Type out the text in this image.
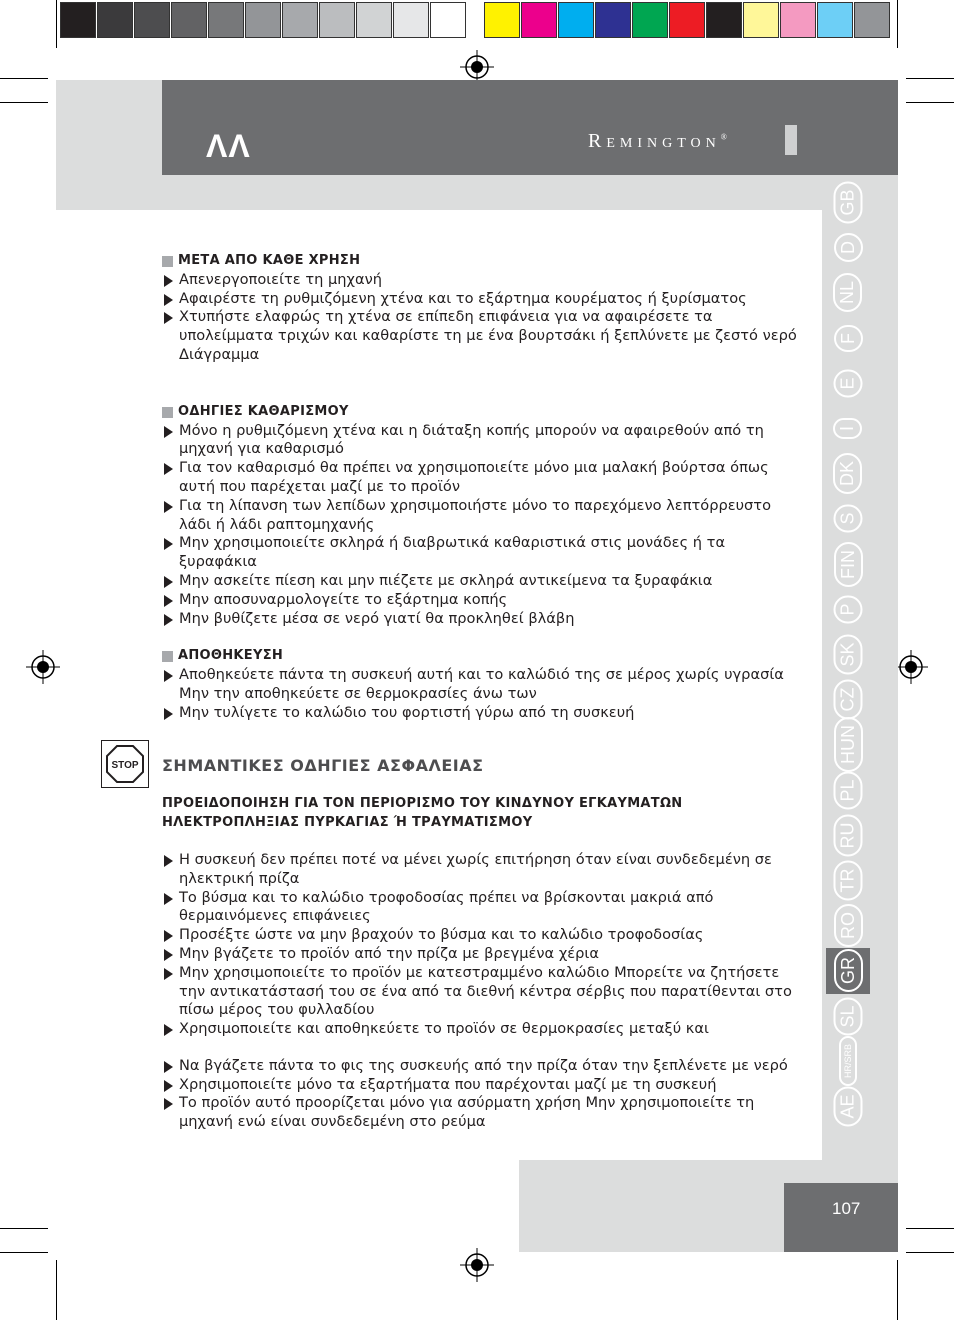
ΛΛ	Remington®
GB
D
NL
F
E
I
DK
S
FIN
P
SK
CZ
HUN
PL
RU
TR
RO
GR
SL
HR/SRB
AE
107
STOP
ΜΕΤΑ ΑΠΟ ΚΑΘΕ ΧΡΗΣΗ
Απενεργοποιείτε τη μηχανή
Αφαιρέστε τη ρυθμιζόμενη χτένα και το εξάρτημα κουρέματος ή ξυρίσματος
Χτυπήστε ελαφρώς τη χτένα σε επίπεδη επιφάνεια για να αφαιρέσετε τα υπολείμματα τριχών και καθαρίστε τη με ένα βουρτσάκι ή ξεπλύνετε με ζεστό νερό Διάγραμμα
ΟΔΗΓΙΕΣ ΚΑΘΑΡΙΣΜΟΥ
Μόνο η ρυθμιζόμενη χτένα και η διάταξη κοπής μπορούν να αφαιρεθούν από τη μηχανή για καθαρισμό
Για τον καθαρισμό θα πρέπει να χρησιμοποιείτε μόνο μια μαλακή βούρτσα όπως αυτή που παρέχεται μαζί με το προϊόν
Για τη λίπανση των λεπίδων χρησιμοποιήστε μόνο το παρεχόμενο λεπτόρρευστο λάδι ή λάδι ραπτομηχανής
Μην χρησιμοποιείτε σκληρά ή διαβρωτικά καθαριστικά στις μονάδες ή τα ξυραφάκια
Μην ασκείτε πίεση και μην πιέζετε με σκληρά αντικείμενα τα ξυραφάκια
Μην αποσυναρμολογείτε το εξάρτημα κοπής
Μην βυθίζετε μέσα σε νερό γιατί θα προκληθεί βλάβη
ΑΠΟΘΗΚΕΥΣΗ
Αποθηκεύετε πάντα τη συσκευή αυτή και το καλώδιό της σε μέρος χωρίς υγρασία Μην την αποθηκεύετε σε θερμοκρασίες άνω των
Μην τυλίγετε το καλώδιο του φορτιστή γύρω από τη συσκευή
ΣΗΜΑΝΤΙΚΕΣ ΟΔΗΓΙΕΣ ΑΣΦΑΛΕΙΑΣ
ΠΡΟΕΙΔΟΠΟΙΗΣΗ ΓΙΑ ΤΟΝ ΠΕΡΙΟΡΙΣΜΟ ΤΟΥ ΚΙΝΔΥΝΟΥ ΕΓΚΑΥΜΑΤΩΝ
ΗΛΕΚΤΡΟΠΛΗΞΙΑΣ ΠΥΡΚΑΓΙΑΣ Ή ΤΡΑΥΜΑΤΙΣΜΟΥ
Η συσκευή δεν πρέπει ποτέ να μένει χωρίς επιτήρηση όταν είναι συνδεδεμένη σε ηλεκτρική πρίζα
Το βύσμα και το καλώδιο τροφοδοσίας πρέπει να βρίσκονται μακριά από θερμαινόμενες επιφάνειες
Προσέξτε ώστε να μην βραχούν το βύσμα και το καλώδιο τροφοδοσίας
Μην βγάζετε το προϊόν από την πρίζα με βρεγμένα χέρια
Μην χρησιμοποιείτε το προϊόν με κατεστραμμένο καλώδιο Μπορείτε να ζητήσετε την αντικατάστασή του σε ένα από τα διεθνή κέντρα σέρβις που παρατίθενται στο πίσω μέρος του φυλλαδίου
Χρησιμοποιείτε και αποθηκεύετε το προϊόν σε θερμοκρασίες μεταξύ και
Να βγάζετε πάντα το φις της συσκευής από την πρίζα όταν την ξεπλένετε με νερό
Χρησιμοποιείτε μόνο τα εξαρτήματα που παρέχονται μαζί με τη συσκευή
Το προϊόν αυτό προορίζεται μόνο για ασύρματη χρήση Μην χρησιμοποιείτε τη μηχανή ενώ είναι συνδεδεμένη στο ρεύμα
